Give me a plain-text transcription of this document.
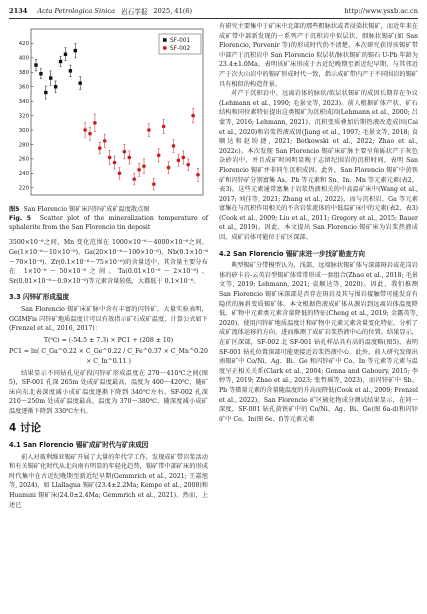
2134 Acta Petrologica Sinica 岩石学报 2025, 41(6)	http://www.ysxb.ac.cn
220
240
260
280
300
320
340
360
380
400
420
SF-001
SF-002
图5 San Florencio 锡矿床闪锌矿成矿温度散点图
Fig. 5 Scatter plot of the mineralization temperature of sphalerite from the San Florencio tin deposit

3500×10⁻⁶之间，Mn 变化范围在 1000×10⁻⁶～4000×10⁻⁶之间，Ge(1×10⁻⁶～10×10⁻⁶)、Ga(20×10⁻⁶～100×10⁻⁶)、Nb(0.1×10⁻⁶～70×10⁻⁶)、Zr(0.1×10⁻⁶～75×10⁻⁶)的含量适中，其含量主要分布在 1×10⁻⁶～50×10⁻⁶之间。Ta(0.01×10⁻⁶～2×10⁻⁶)、Sr(0.01×10⁻⁶～0.9×10⁻⁶)等元素含量较低，大都低于 0.1×10⁻⁶。

3.3 闪锌矿形成温度

San Florencio 锡矿床矿脉中含有丰富的闪锌矿，大量实验表明，GGIMFis 闪锌矿地质温度计可以有效指示矿石成矿温度，计算公式如下(Frenzel et al., 2016, 2017)：

T(℃) = (-54.5 ± 7.3) × PC1 + (208 ± 10)

PC1 = ln( C_Ga^0.22 × C_Ge^0.22 / C_Fe^0.37 × C_Mn^0.20 × C_In^0.11 )

结果显示不同钻孔见矿段闪锌矿形成温度在 270～410℃之间(图5)，SF-001 孔深 265m 处成矿温度最高，温度为 400～420℃，随矿床向东北表深度减小成矿温度逐渐下降到 340℃左右。SF-002 孔深 210～250m 处成矿温度最高，温度为 370～380℃，随深度减小成矿温度逐渐下降到 330℃左右。

4 讨论
4.1 San Florencio 锡矿成矿时代与矿床成因

前人对玻利维亚锡矿开展了大量的年代学工作，发现成矿带岩浆活动和有关锡矿化时代从北向南有明显的年轻化趋势，锡矿带中部矿床的形成时代集中在古近纪晚期至新近纪早期(Gemmrich et al., 2021; 王嘉旭等, 2024)，如 Llallagua 锡矿(23.4±2.2Ma; Kempe et al., 2008)和 Huanuni 锡矿床(24.0±2.4Ma; Gemmrich et al., 2021)。然而，上述已

有研究主要集中于矿床中北部的那些粗脉状或者浸染状锡矿，而近年来在成矿带中部新发现的一系列产于沉积岩中似层状、细脉状锡矿(如 San Florencio, Porvenir 等)的形成时代仍不清楚。本次研究获得该锡矿带中部产于沉积岩中 San Florencio 似层状/脉状锡矿的锡石 U-Pb 年龄为 23.4±1.0Ma，表明该矿床形成于古近纪晚期至新近纪早期，与其邻近产于次火山岩中的锡矿形成时代一致，指示成矿带内产于不同围岩的锡矿具有相似的构造背景。

对产于沉积岩中、远离岩体的脉状/似层状锡矿的成因长期存在争议(Lehmann et al., 1990; 毛景文等, 2023)。前人根据矿体产状、矿石结构和同位素特征提出这类锡矿为沉积成因(Lehmann et al., 2000; 吕蒙等, 2016; Lehmann, 2021)、沉积变质叠加后期热液改造成因(Cai et al., 2020)和岩浆热液成因(Jiang et al., 1997; 毛景文等, 2018; 袁顺达和赵盼捷, 2021; Betkowski et al., 2022; Zhao et al., 2022c)。本次发现 San Florencio 锡矿床矿脉主要呈角砾状产于灰色杂砂岩中，并且成矿时间明显晚于志留纪围岩的沉积时间，表明 San Florencio 锡矿并非同生沉积成因。此外，San Florencio 锡矿中黄铁矿和闪锌矿分别富集 As、Pb 等元素和 Sn、In、Mn 等元素元素(表2、表3)，这些元素通常富集于岩浆热液相关的中高温矿床中(Wang et al., 2017; 刘佳等, 2021; Zhang et al., 2022)，而与沉积岩、Ga 等元素富集在与沉积作用相关的不含岩浆流体的中低温矿床中的元素(表2、表3)(Cook et al., 2009; Liu et al., 2011; Gregory et al., 2015; Bauer et al., 2019)。因此，本文提出 San Florencio 锡矿床为岩浆热液成因，成矿岩体可能位于矿区深部。

4.2 San Florencio 锡矿床进一步找矿勘查方向

典型锡矿分带模型认为，浅部、远端脉状锡矿体与深部斑岩或花岗岩体的矽卡岩-云英岩型锡矿体常常形成一套组合(Zhao et al., 2018; 毛景文等, 2019; Lehmann, 2021; 袁顺达等, 2020)。因此，我们推测 San Florencio 锡矿床深部是否存在斑岩及其与围岩接触带可能发育有隐伏的脉斜变质锡矿体。本文根据热液成矿体从源岩到远离岩体温度降低、矿物中元素类元素含量降低的特征(Cheng et al., 2019; 金露英等, 2020)，使用闪锌矿地质温度计和矿物中元素元素含量变化特征，分析了成矿流体运移的方向，进而推测了成矿岩浆热液中心的位置。结果显示，在矿区深部，SF-002 北 SF-001 钻孔样品具有高的温度略(图5)，表明 SF-001 钻孔位置深部可能更接近岩浆热液中心。此外，前人研究发现出南锡矿中 Co/Ni、Ag、Bi、Ge 和闪锌矿中 Co、In 等元素等元素与温度呈正相关关系(Clark et al., 2004; Genna and Gaboury, 2015; 李婷等, 2019; Zhao et al., 2023; 张哲瑶等, 2023)，而闪锌矿中 Sb、Pb 等微量元素的含量随温度的升高而降低(Cook et al., 2009; Frenzel et al., 2022)。San Florencio 矿区硫化物成分测试结果显示，在同一深度，SF-001 钻孔黄铁矿中的 Co/Ni、Ag、Bi、Ge(图 6a-d)和闪锌矿中 Co、In(图 6e、f)等元素元素
